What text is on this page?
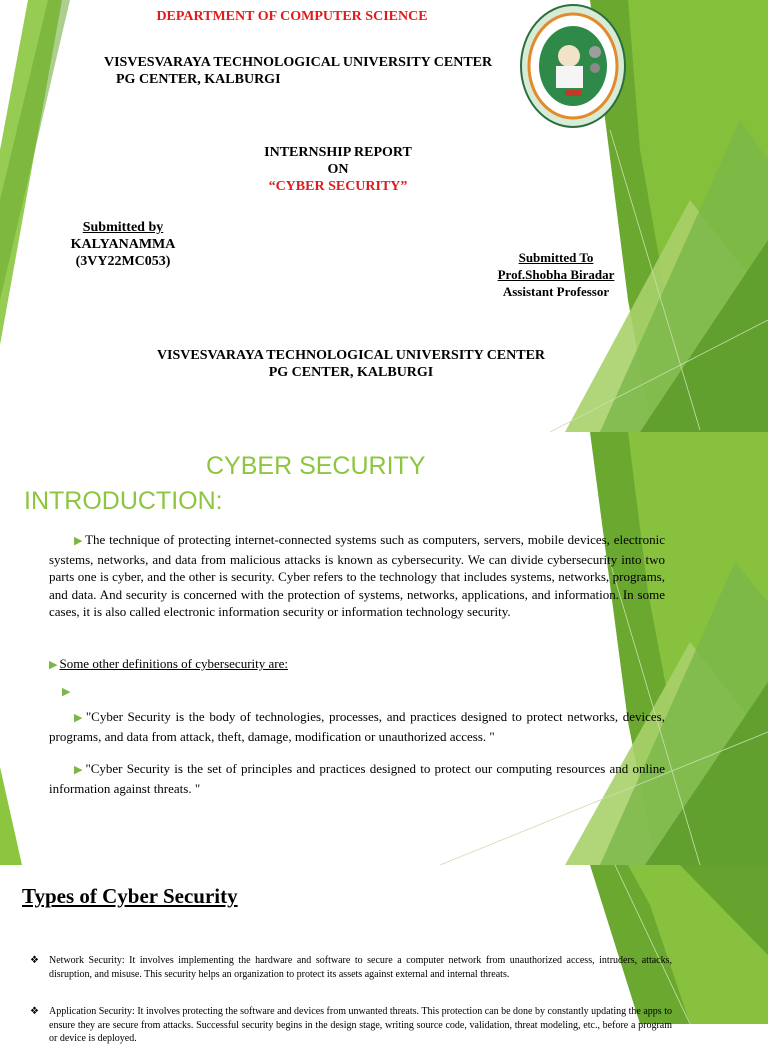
DEPARTMENT OF COMPUTER SCIENCE
VISVESVARAYA TECHNOLOGICAL UNIVERSITY CENTER
PG CENTER, KALBURGI
INTERNSHIP REPORT
ON
“CYBER SECURITY”
Submitted by
KALYANAMMA
(3VY22MC053)	Submitted To
Prof.Shobha Biradar
Assistant Professor
VISVESVARAYA TECHNOLOGICAL UNIVERSITY CENTER
PG CENTER, KALBURGI
CYBER SECURITY
INTRODUCTION:
▶ The technique of protecting internet-connected systems such as computers, servers, mobile devices, electronic systems, networks, and data from malicious attacks is known as cybersecurity. We can divide cybersecurity into two parts one is cyber, and the other is security. Cyber refers to the technology that includes systems, networks, programs, and data. And security is concerned with the protection of systems, networks, applications, and information. In some cases, it is also called electronic information security or information technology security.
▶ Some other definitions of cybersecurity are:
▶
▶ "Cyber Security is the body of technologies, processes, and practices designed to protect networks, devices, programs, and data from attack, theft, damage, modification or unauthorized access. "
▶ "Cyber Security is the set of principles and practices designed to protect our computing resources and online information against threats. "
Types of Cyber Security
❖ Network Security: It involves implementing the hardware and software to secure a computer network from unauthorized access, intruders, attacks, disruption, and misuse. This security helps an organization to protect its assets against external and internal threats.
❖ Application Security: It involves protecting the software and devices from unwanted threats. This protection can be done by constantly updating the apps to ensure they are secure from attacks. Successful security begins in the design stage, writing source code, validation, threat modeling, etc., before a program or device is deployed.
